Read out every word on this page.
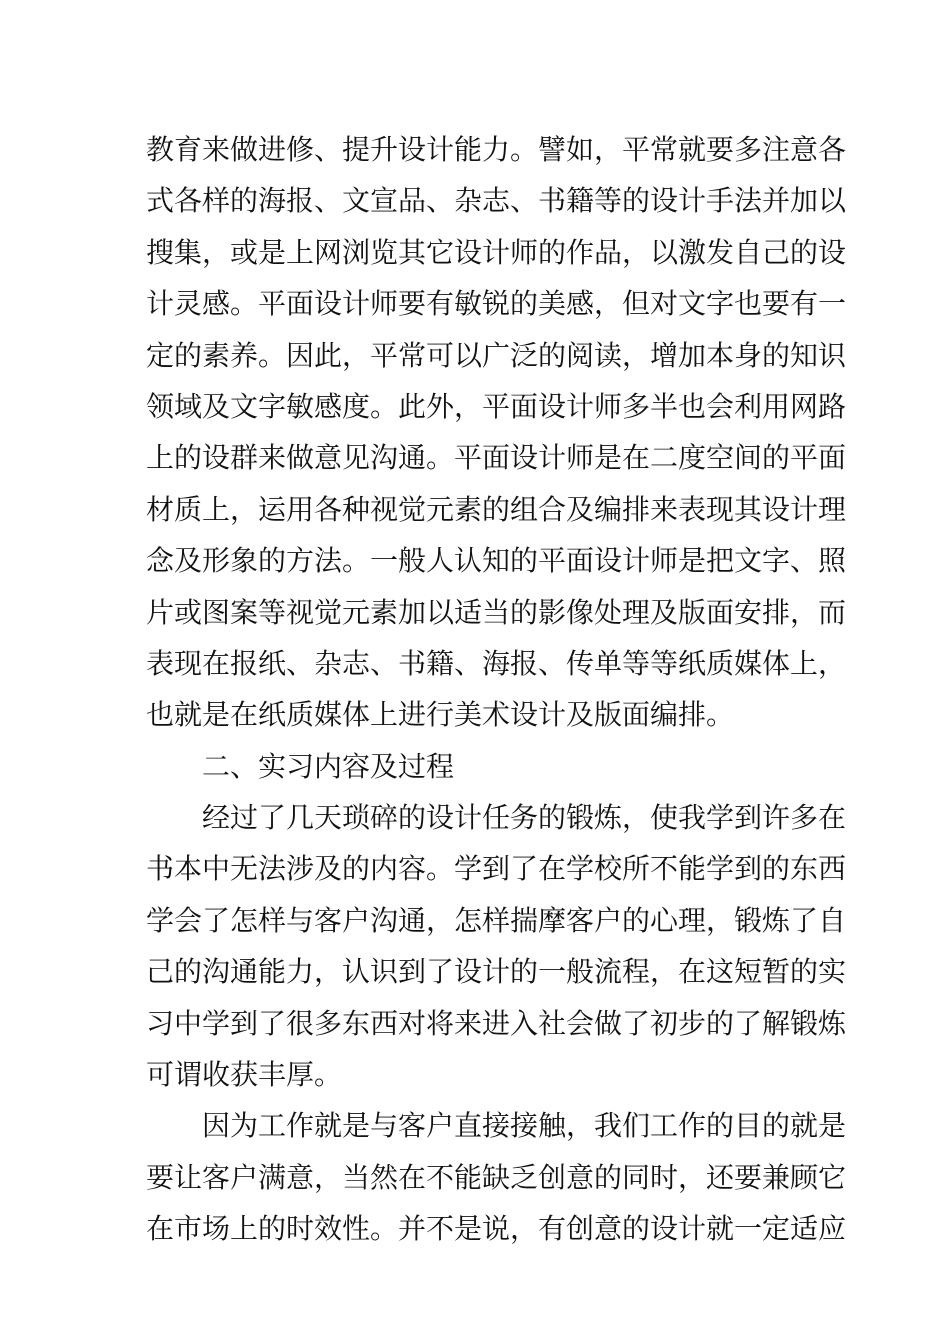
教育来做进修、提升设计能力。譬如，平常就要多注意各
式各样的海报、文宣品、杂志、书籍等的设计手法并加以
搜集，或是上网浏览其它设计师的作品，以激发自己的设
计灵感。平面设计师要有敏锐的美感，但对文字也要有一
定的素养。因此，平常可以广泛的阅读，增加本身的知识
领域及文字敏感度。此外，平面设计师多半也会利用网路
上的设群来做意见沟通。平面设计师是在二度空间的平面
材质上，运用各种视觉元素的组合及编排来表现其设计理
念及形象的方法。一般人认知的平面设计师是把文字、照
片或图案等视觉元素加以适当的影像处理及版面安排，而
表现在报纸、杂志、书籍、海报、传单等等纸质媒体上，
也就是在纸质媒体上进行美术设计及版面编排。
二、实习内容及过程
经过了几天琐碎的设计任务的锻炼，使我学到许多在
书本中无法涉及的内容。学到了在学校所不能学到的东西
学会了怎样与客户沟通，怎样揣摩客户的心理，锻炼了自
己的沟通能力，认识到了设计的一般流程，在这短暂的实
习中学到了很多东西对将来进入社会做了初步的了解锻炼
可谓收获丰厚。
因为工作就是与客户直接接触，我们工作的目的就是
要让客户满意，当然在不能缺乏创意的同时，还要兼顾它
在市场上的时效性。并不是说，有创意的设计就一定适应
